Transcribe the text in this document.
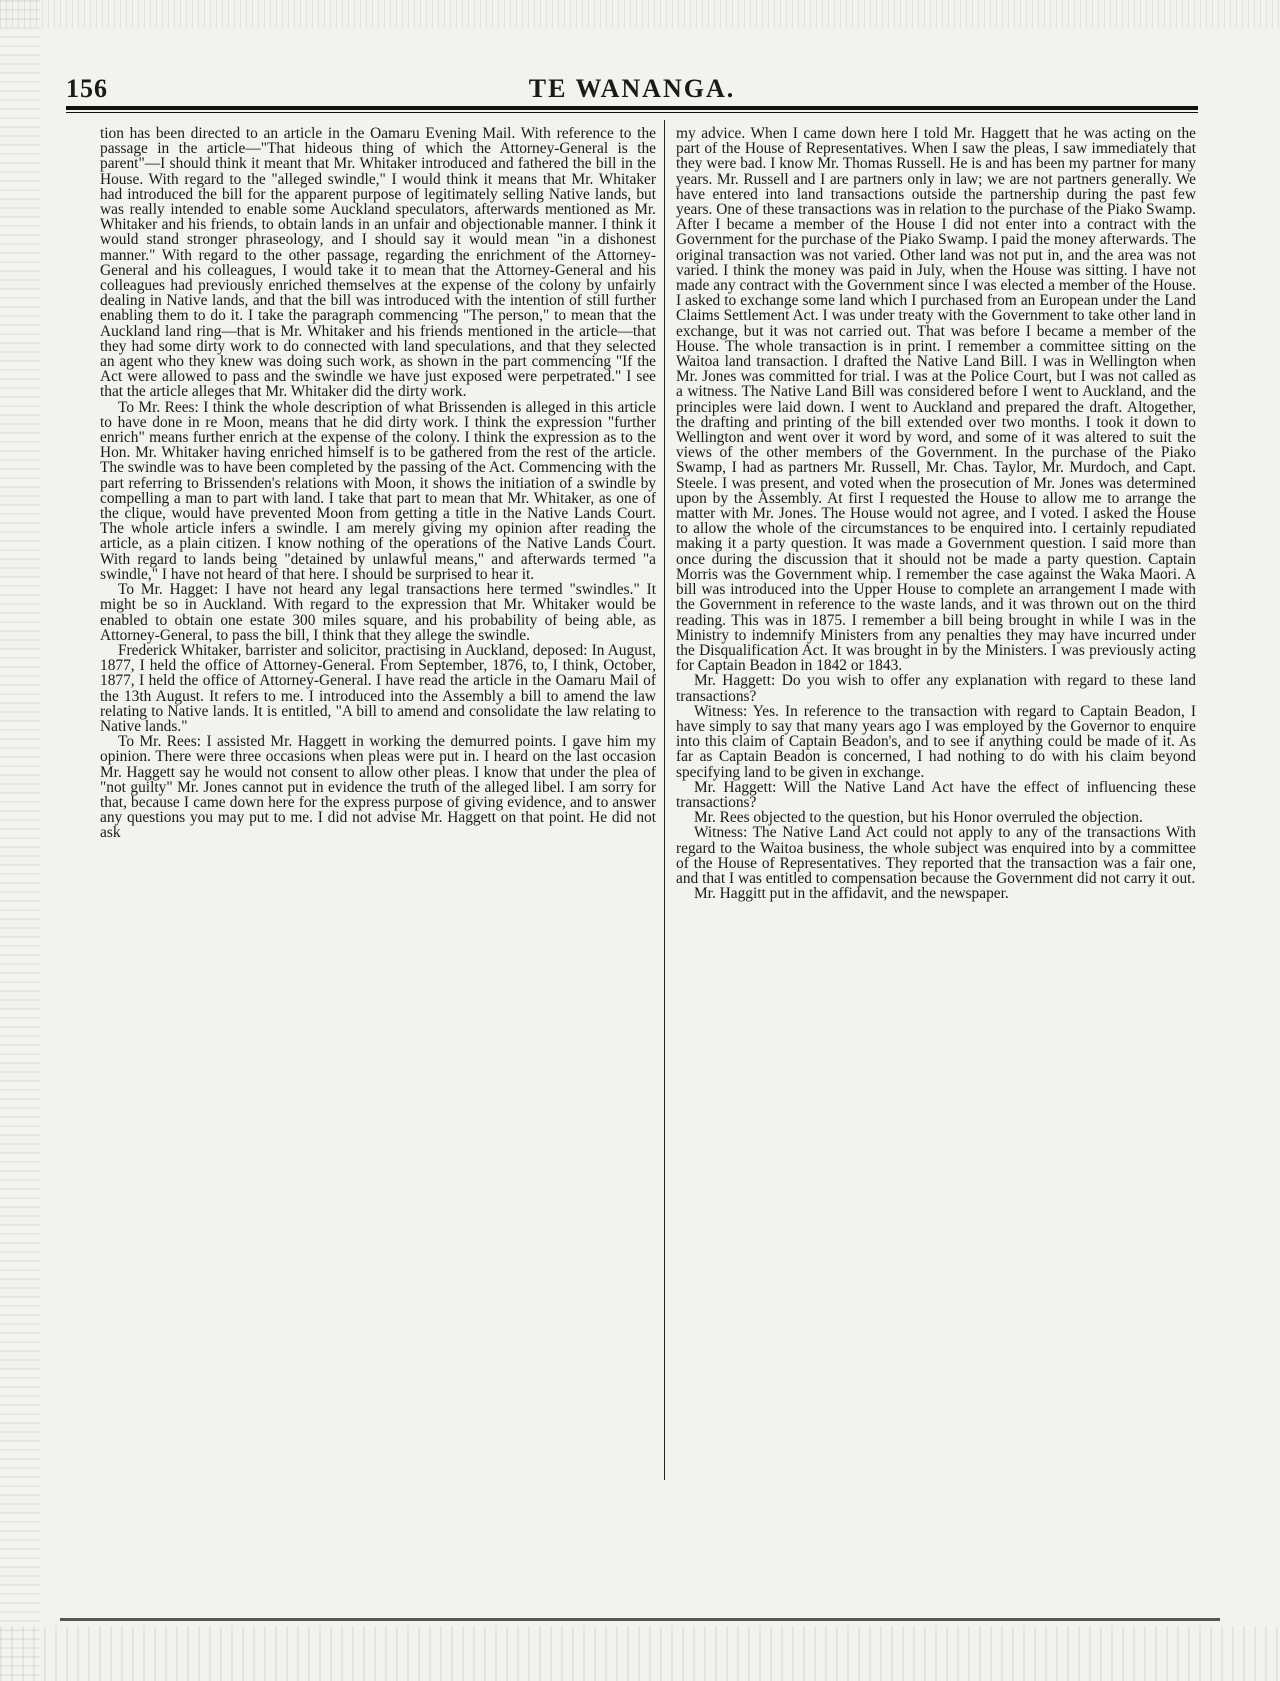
156	TE WANANGA.

tion has been directed to an article in the Oamaru Evening Mail. With reference to the passage in the article—"That hideous thing of which the Attorney-General is the parent"—I should think it meant that Mr. Whitaker introduced and fathered the bill in the House. With regard to the "alleged swindle," I would think it means that Mr. Whitaker had introduced the bill for the apparent purpose of legitimately selling Native lands, but was really intended to enable some Auckland speculators, afterwards mentioned as Mr. Whitaker and his friends, to obtain lands in an unfair and objectionable manner. I think it would stand stronger phraseology, and I should say it would mean "in a dishonest manner." With regard to the other passage, regarding the enrichment of the Attorney-General and his colleagues, I would take it to mean that the Attorney-General and his colleagues had previously enriched themselves at the expense of the colony by unfairly dealing in Native lands, and that the bill was introduced with the intention of still further enabling them to do it. I take the paragraph commencing "The person," to mean that the Auckland land ring—that is Mr. Whitaker and his friends mentioned in the article—that they had some dirty work to do connected with land speculations, and that they selected an agent who they knew was doing such work, as shown in the part commencing "If the Act were allowed to pass and the swindle we have just exposed were perpetrated." I see that the article alleges that Mr. Whitaker did the dirty work.

To Mr. Rees: I think the whole description of what Brissenden is alleged in this article to have done in re Moon, means that he did dirty work. I think the expression "further enrich" means further enrich at the expense of the colony. I think the expression as to the Hon. Mr. Whitaker having enriched himself is to be gathered from the rest of the article. The swindle was to have been completed by the passing of the Act. Commencing with the part referring to Brissenden's relations with Moon, it shows the initiation of a swindle by compelling a man to part with land. I take that part to mean that Mr. Whitaker, as one of the clique, would have prevented Moon from getting a title in the Native Lands Court. The whole article infers a swindle. I am merely giving my opinion after reading the article, as a plain citizen. I know nothing of the operations of the Native Lands Court. With regard to lands being "detained by unlawful means," and afterwards termed "a swindle," I have not heard of that here. I should be surprised to hear it.

To Mr. Hagget: I have not heard any legal transactions here termed "swindles." It might be so in Auckland. With regard to the expression that Mr. Whitaker would be enabled to obtain one estate 300 miles square, and his probability of being able, as Attorney-General, to pass the bill, I think that they allege the swindle.

Frederick Whitaker, barrister and solicitor, practising in Auckland, deposed: In August, 1877, I held the office of Attorney-General. From September, 1876, to, I think, October, 1877, I held the office of Attorney-General. I have read the article in the Oamaru Mail of the 13th August. It refers to me. I introduced into the Assembly a bill to amend the law relating to Native lands. It is entitled, "A bill to amend and consolidate the law relating to Native lands."

To Mr. Rees: I assisted Mr. Haggett in working the demurred points. I gave him my opinion. There were three occasions when pleas were put in. I heard on the last occasion Mr. Haggett say he would not consent to allow other pleas. I know that under the plea of "not guilty" Mr. Jones cannot put in evidence the truth of the alleged libel. I am sorry for that, because I came down here for the express purpose of giving evidence, and to answer any questions you may put to me. I did not advise Mr. Haggett on that point. He did not ask

my advice. When I came down here I told Mr. Haggett that he was acting on the part of the House of Representatives. When I saw the pleas, I saw immediately that they were bad. I know Mr. Thomas Russell. He is and has been my partner for many years. Mr. Russell and I are partners only in law; we are not partners generally. We have entered into land transactions outside the partnership during the past few years. One of these transactions was in relation to the purchase of the Piako Swamp. After I became a member of the House I did not enter into a contract with the Government for the purchase of the Piako Swamp. I paid the money afterwards. The original transaction was not varied. Other land was not put in, and the area was not varied. I think the money was paid in July, when the House was sitting. I have not made any contract with the Government since I was elected a member of the House. I asked to exchange some land which I purchased from an European under the Land Claims Settlement Act. I was under treaty with the Government to take other land in exchange, but it was not carried out. That was before I became a member of the House. The whole transaction is in print. I remember a committee sitting on the Waitoa land transaction. I drafted the Native Land Bill. I was in Wellington when Mr. Jones was committed for trial. I was at the Police Court, but I was not called as a witness. The Native Land Bill was considered before I went to Auckland, and the principles were laid down. I went to Auckland and prepared the draft. Altogether, the drafting and printing of the bill extended over two months. I took it down to Wellington and went over it word by word, and some of it was altered to suit the views of the other members of the Government. In the purchase of the Piako Swamp, I had as partners Mr. Russell, Mr. Chas. Taylor, Mr. Murdoch, and Capt. Steele. I was present, and voted when the prosecution of Mr. Jones was determined upon by the Assembly. At first I requested the House to allow me to arrange the matter with Mr. Jones. The House would not agree, and I voted. I asked the House to allow the whole of the circumstances to be enquired into. I certainly repudiated making it a party question. It was made a Government question. I said more than once during the discussion that it should not be made a party question. Captain Morris was the Government whip. I remember the case against the Waka Maori. A bill was introduced into the Upper House to complete an arrangement I made with the Government in reference to the waste lands, and it was thrown out on the third reading. This was in 1875. I remember a bill being brought in while I was in the Ministry to indemnify Ministers from any penalties they may have incurred under the Disqualification Act. It was brought in by the Ministers. I was previously acting for Captain Beadon in 1842 or 1843.

Mr. Haggett: Do you wish to offer any explanation with regard to these land transactions?

Witness: Yes. In reference to the transaction with regard to Captain Beadon, I have simply to say that many years ago I was employed by the Governor to enquire into this claim of Captain Beadon's, and to see if anything could be made of it. As far as Captain Beadon is concerned, I had nothing to do with his claim beyond specifying land to be given in exchange.

Mr. Haggett: Will the Native Land Act have the effect of influencing these transactions?

Mr. Rees objected to the question, but his Honor overruled the objection.

Witness: The Native Land Act could not apply to any of the transactions With regard to the Waitoa business, the whole subject was enquired into by a committee of the House of Representatives. They reported that the transaction was a fair one, and that I was entitled to compensation because the Government did not carry it out.

Mr. Haggitt put in the affidavit, and the newspaper.
